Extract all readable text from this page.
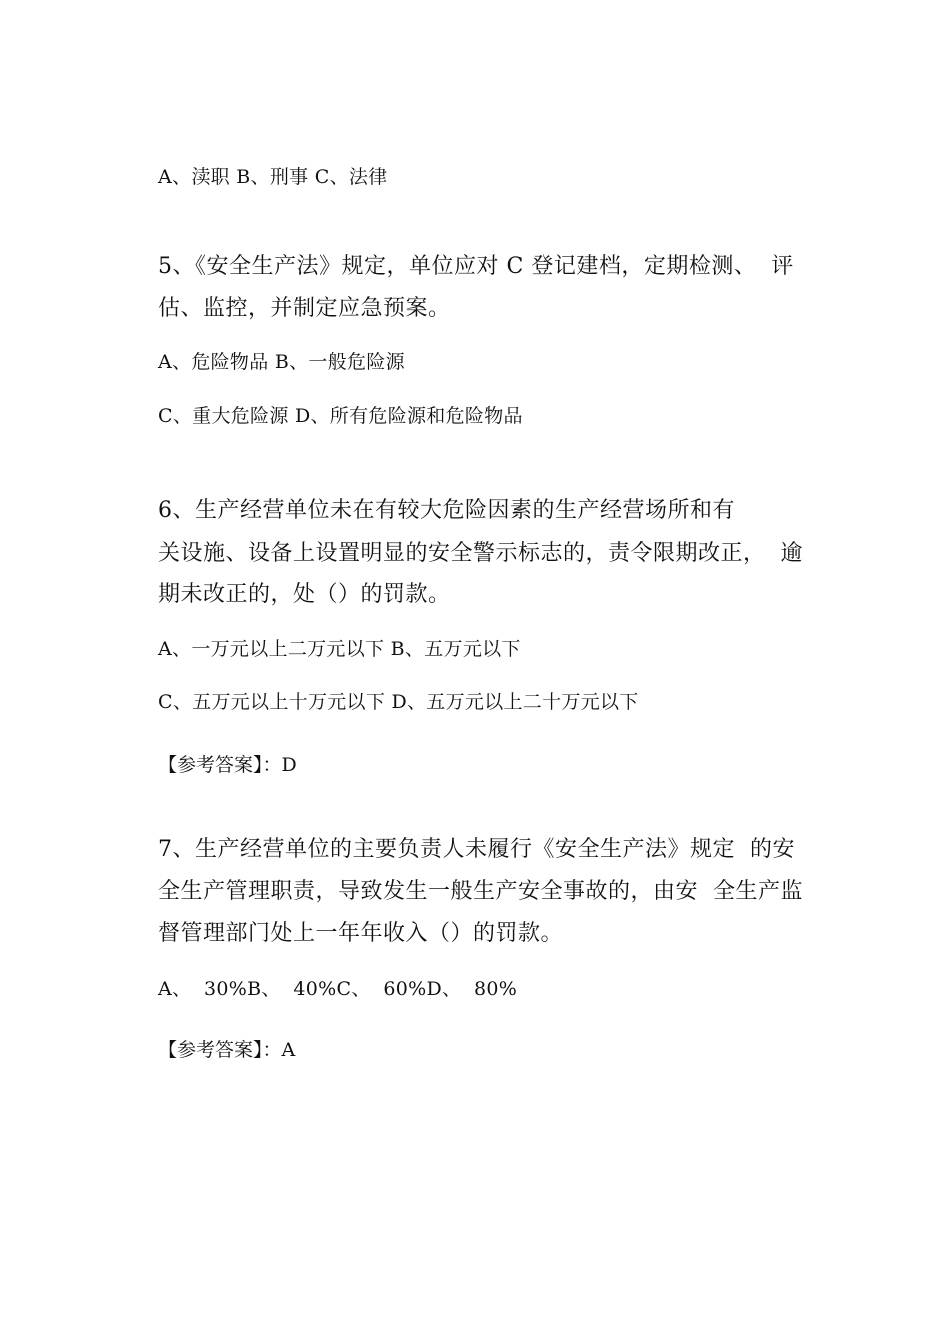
A、渎职 B、刑事 C、法律
5、《安全生产法》规定，单位应对 C 登记建档，定期检测、  评
估、监控，并制定应急预案。
A、危险物品 B、一般危险源
C、重大危险源 D、所有危险源和危险物品
6、生产经营单位未在有较大危险因素的生产经营场所和有
关设施、设备上设置明显的安全警示标志的，责令限期改正，  逾
期未改正的，处（）的罚款。
A、一万元以上二万元以下 B、五万元以下
C、五万元以上十万元以下 D、五万元以上二十万元以下
【参考答案】：D
7、生产经营单位的主要负责人未履行《安全生产法》规定  的安
全生产管理职责，导致发生一般生产安全事故的，由安  全生产监
督管理部门处上一年年收入（）的罚款。
A、  30%B、  40%C、  60%D、  80%
【参考答案】：A
